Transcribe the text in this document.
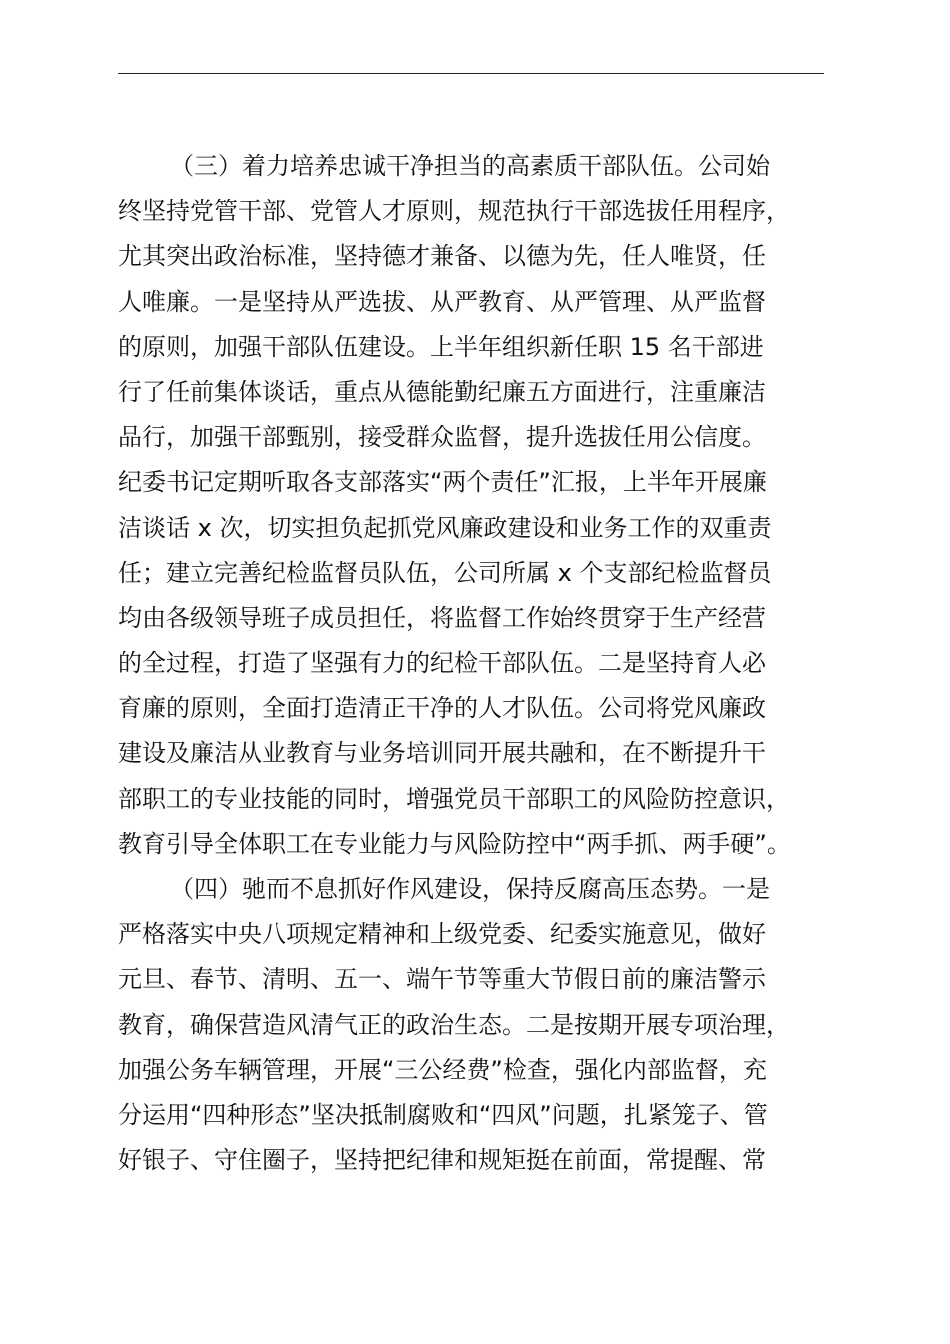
（三）着力培养忠诚干净担当的高素质干部队伍。公司始
终坚持党管干部、党管人才原则，规范执行干部选拔任用程序，
尤其突出政治标准，坚持德才兼备、以德为先，任人唯贤，任
人唯廉。一是坚持从严选拔、从严教育、从严管理、从严监督
的原则，加强干部队伍建设。上半年组织新任职 15 名干部进
行了任前集体谈话，重点从德能勤纪廉五方面进行，注重廉洁
品行，加强干部甄别，接受群众监督，提升选拔任用公信度。
纪委书记定期听取各支部落实“两个责任”汇报，上半年开展廉
洁谈话 x 次，切实担负起抓党风廉政建设和业务工作的双重责
任；建立完善纪检监督员队伍，公司所属 x 个支部纪检监督员
均由各级领导班子成员担任，将监督工作始终贯穿于生产经营
的全过程，打造了坚强有力的纪检干部队伍。二是坚持育人必
育廉的原则，全面打造清正干净的人才队伍。公司将党风廉政
建设及廉洁从业教育与业务培训同开展共融和，在不断提升干
部职工的专业技能的同时，增强党员干部职工的风险防控意识，
教育引导全体职工在专业能力与风险防控中“两手抓、两手硬”。
（四）驰而不息抓好作风建设，保持反腐高压态势。一是
严格落实中央八项规定精神和上级党委、纪委实施意见，做好
元旦、春节、清明、五一、端午节等重大节假日前的廉洁警示
教育，确保营造风清气正的政治生态。二是按期开展专项治理，
加强公务车辆管理，开展“三公经费”检查，强化内部监督，充
分运用“四种形态”坚决抵制腐败和“四风”问题，扎紧笼子、管
好银子、守住圈子，坚持把纪律和规矩挺在前面，常提醒、常
